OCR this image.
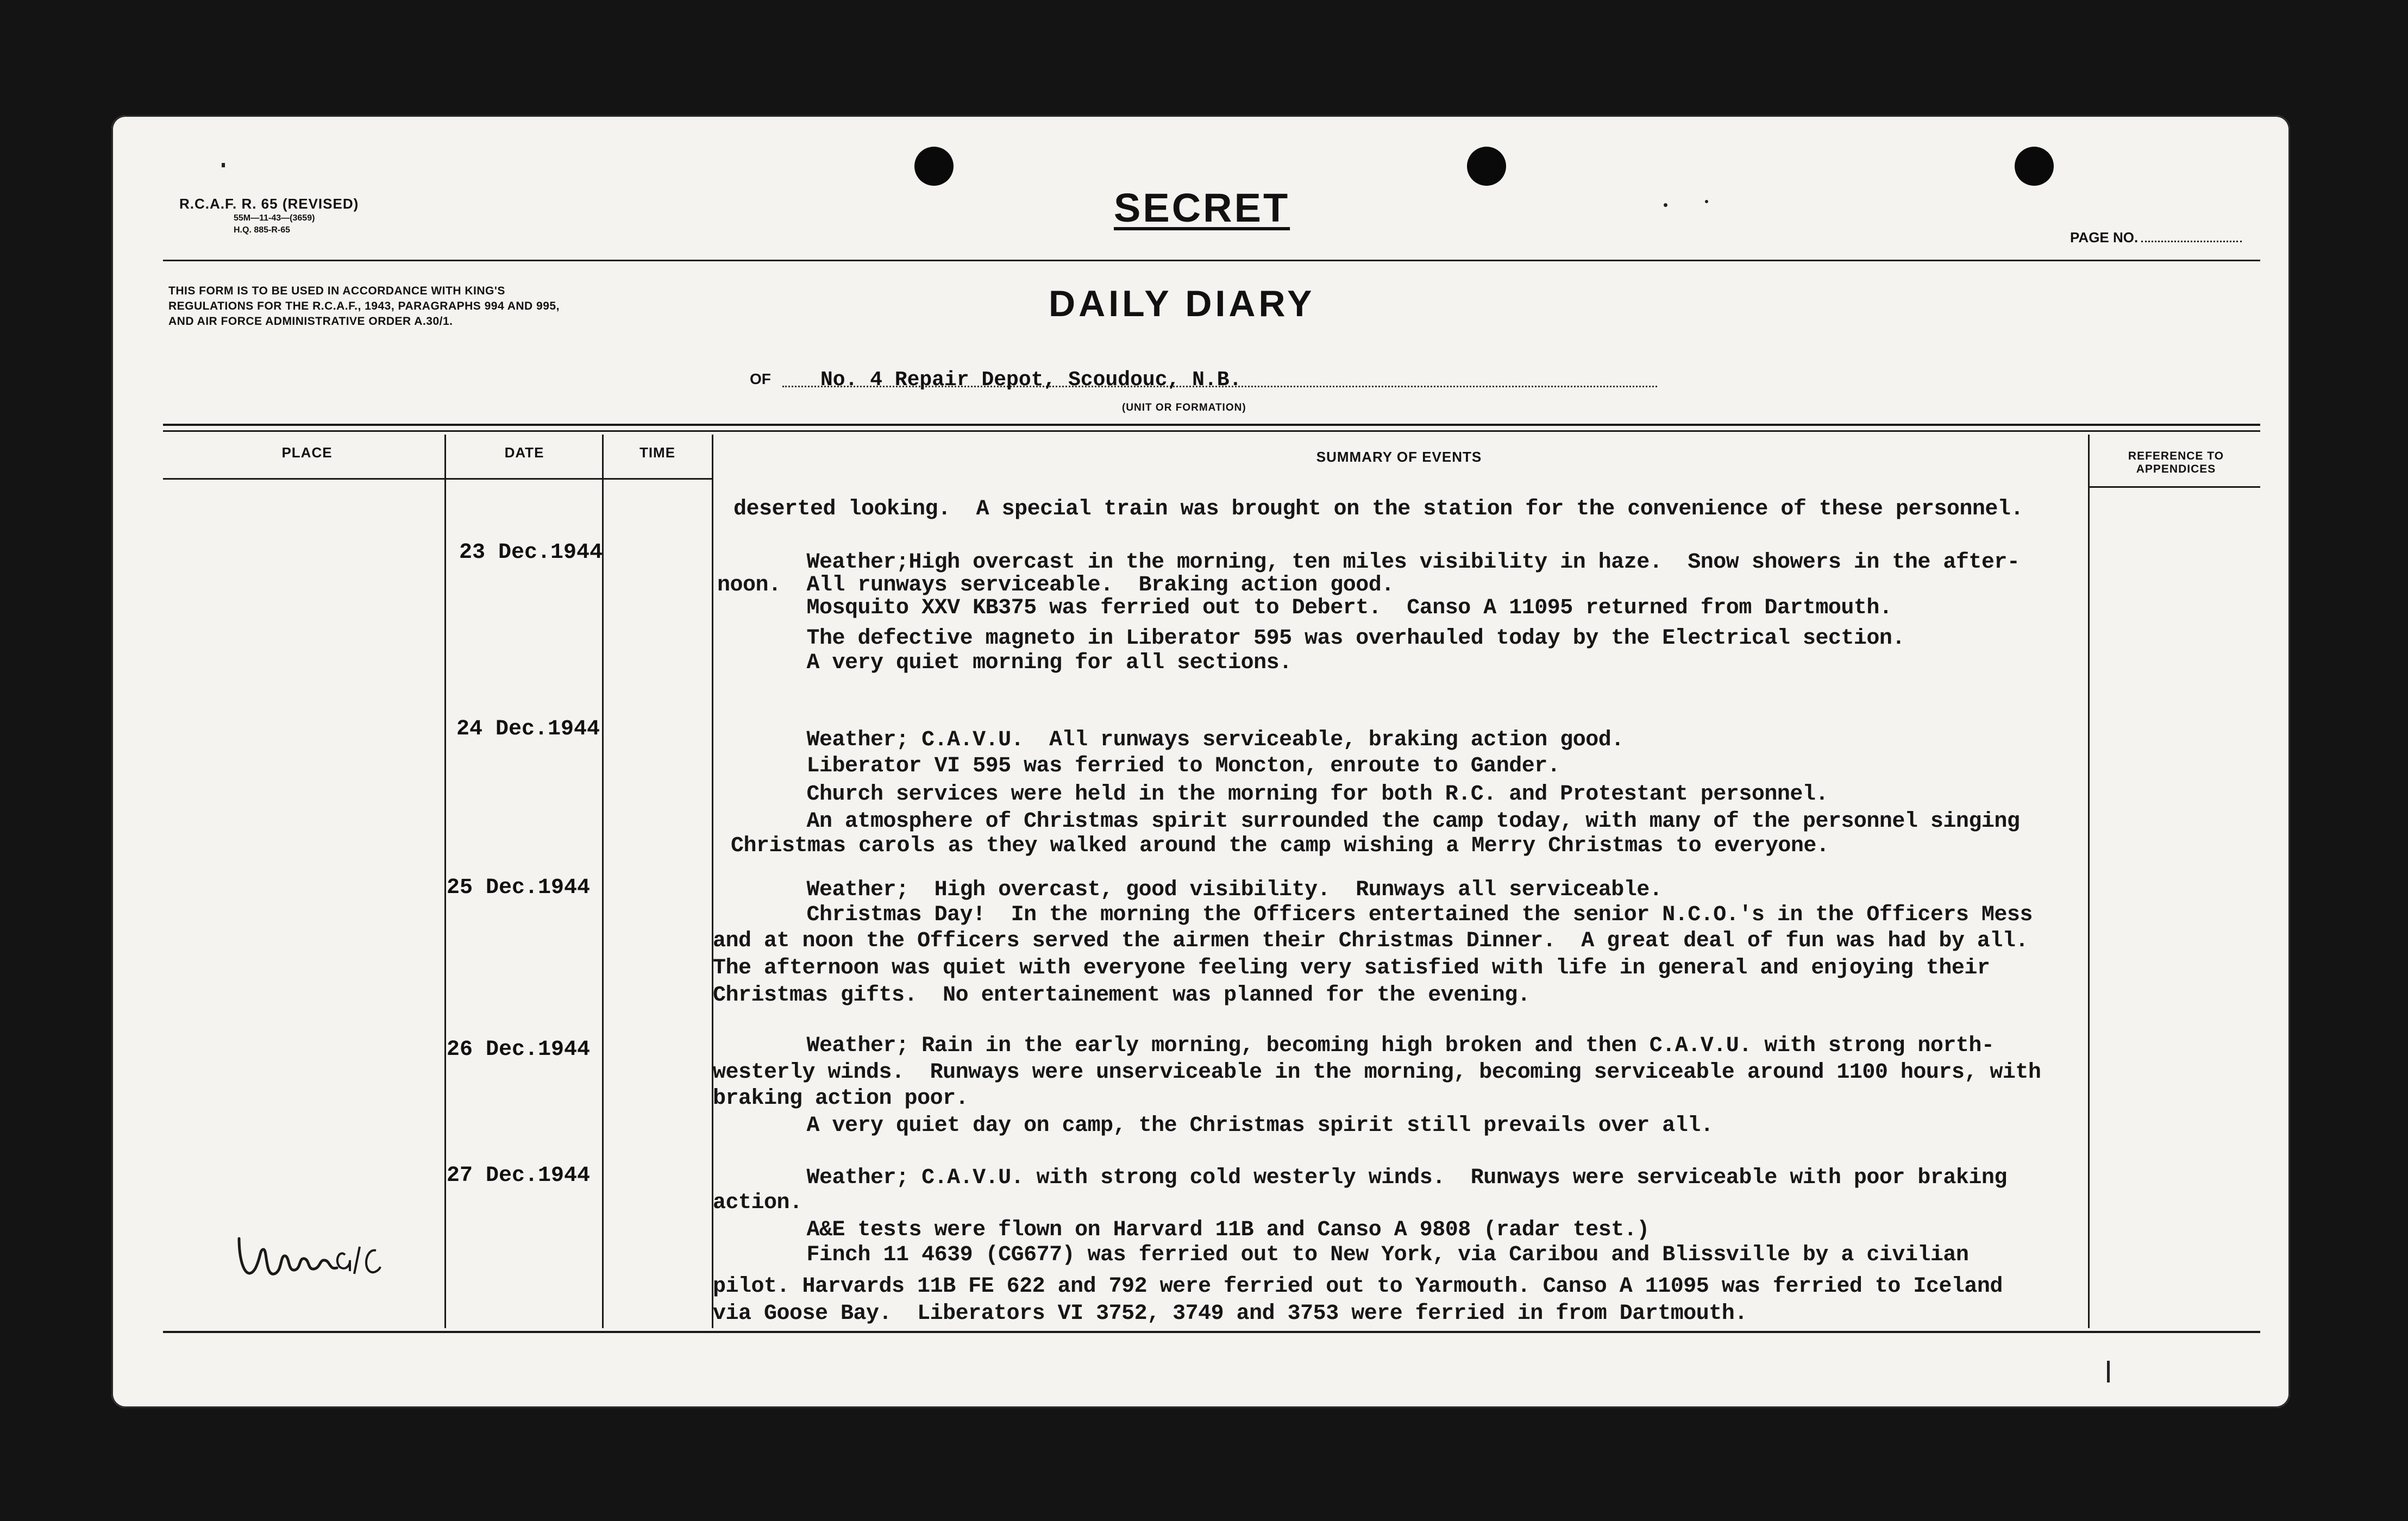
R.C.A.F. R. 65 (REVISED)
55M—11-43—(3659)
H.Q. 885-R-65	SECRET
PAGE NO.
THIS FORM IS TO BE USED IN ACCORDANCE WITH KING'S REGULATIONS FOR THE R.C.A.F., 1943, PARAGRAPHS 994 AND 995, AND AIR FORCE ADMINISTRATIVE ORDER A.30/1.	DAILY DIARY
OF No. 4 Repair Depot, Scoudouc, N.B.
(UNIT OR FORMATION)
PLACE	DATE	TIME	SUMMARY OF EVENTS	REFERENCE TO APPENDICES
deserted looking.  A special train was brought on the station for the convenience of these personnel.
23 Dec.1944	Weather;High overcast in the morning, ten miles visibility in haze.  Snow showers in the after-
noon.  All runways serviceable.  Braking action good.
Mosquito XXV KB375 was ferried out to Debert.  Canso A 11095 returned from Dartmouth.
The defective magneto in Liberator 595 was overhauled today by the Electrical section.
A very quiet morning for all sections.
24 Dec.1944	Weather; C.A.V.U.  All runways serviceable, braking action good.
Liberator VI 595 was ferried to Moncton, enroute to Gander.
Church services were held in the morning for both R.C. and Protestant personnel.
An atmosphere of Christmas spirit surrounded the camp today, with many of the personnel singing
Christmas carols as they walked around the camp wishing a Merry Christmas to everyone.
25 Dec.1944	Weather;  High overcast, good visibility.  Runways all serviceable.
Christmas Day!  In the morning the Officers entertained the senior N.C.O.'s in the Officers Mess
and at noon the Officers served the airmen their Christmas Dinner.  A great deal of fun was had by all.
The afternoon was quiet with everyone feeling very satisfied with life in general and enjoying their
Christmas gifts.  No entertainement was planned for the evening.
26 Dec.1944	Weather; Rain in the early morning, becoming high broken and then C.A.V.U. with strong north-
westerly winds.  Runways were unserviceable in the morning, becoming serviceable around 1100 hours, with
braking action poor.
A very quiet day on camp, the Christmas spirit still prevails over all.
27 Dec.1944	Weather; C.A.V.U. with strong cold westerly winds.  Runways were serviceable with poor braking
action.
A&E tests were flown on Harvard 11B and Canso A 9808 (radar test.)
Finch 11 4639 (CG677) was ferried out to New York, via Caribou and Blissville by a civilian
pilot. Harvards 11B FE 622 and 792 were ferried out to Yarmouth. Canso A 11095 was ferried to Iceland
via Goose Bay.  Liberators VI 3752, 3749 and 3753 were ferried in from Dartmouth.
